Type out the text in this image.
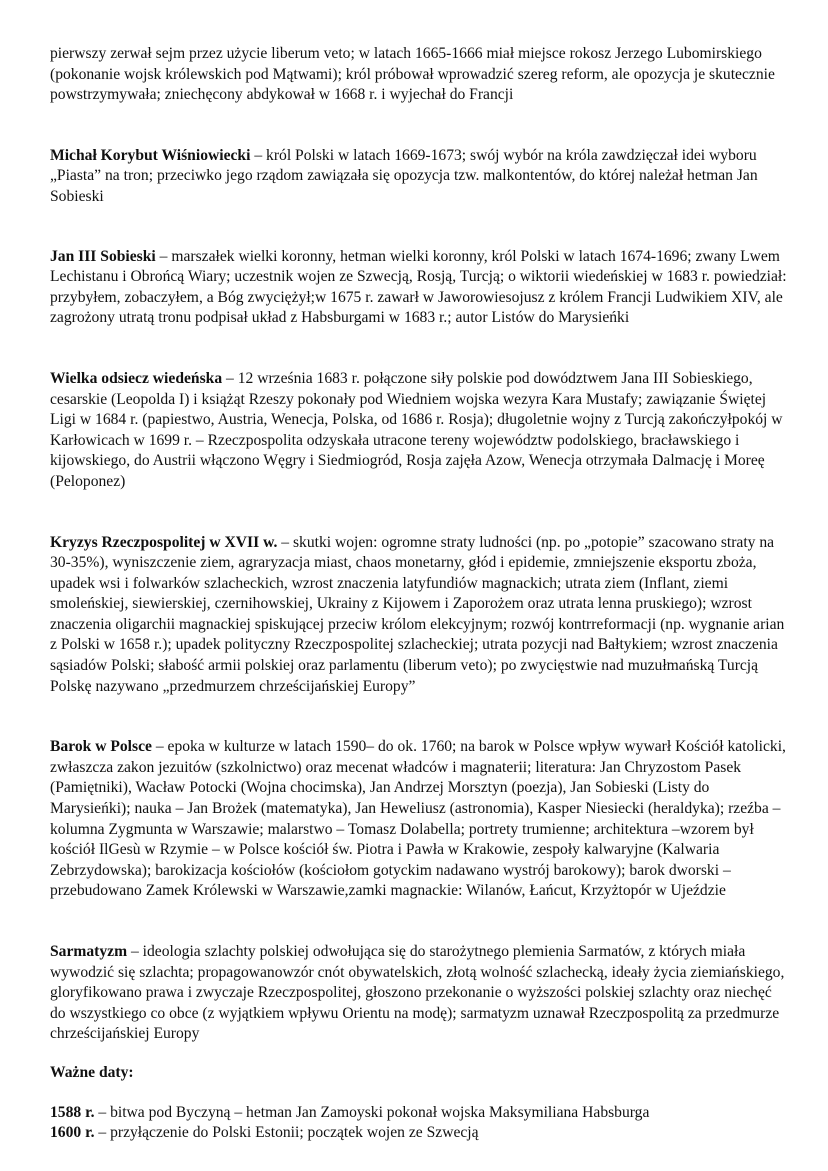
pierwszy zerwał sejm przez użycie liberum veto; w latach 1665-1666 miał miejsce rokosz Jerzego Lubomirskiego (pokonanie wojsk królewskich pod Mątwami); król próbował wprowadzić szereg reform, ale opozycja je skutecznie powstrzymywała; zniechęcony abdykował w 1668 r. i wyjechał do Francji

Michał Korybut Wiśniowiecki – król Polski w latach 1669-1673; swój wybór na króla zawdzięczał idei wyboru „Piasta” na tron; przeciwko jego rządom zawiązała się opozycja tzw. malkontentów, do której należał hetman Jan Sobieski

Jan III Sobieski – marszałek wielki koronny, hetman wielki koronny, król Polski w latach 1674-1696; zwany Lwem Lechistanu i Obrońcą Wiary; uczestnik wojen ze Szwecją, Rosją, Turcją; o wiktorii wiedeńskiej w 1683 r. powiedział: przybyłem, zobaczyłem, a Bóg zwyciężył;w 1675 r. zawarł w Jaworowiesojusz z królem Francji Ludwikiem XIV, ale zagrożony utratą tronu podpisał układ z Habsburgami w 1683 r.; autor Listów do Marysieńki

Wielka odsiecz wiedeńska – 12 września 1683 r. połączone siły polskie pod dowództwem Jana III Sobieskiego, cesarskie (Leopolda I) i książąt Rzeszy pokonały pod Wiedniem wojska wezyra Kara Mustafy; zawiązanie Świętej Ligi w 1684 r. (papiestwo, Austria, Wenecja, Polska, od 1686 r. Rosja); długoletnie wojny z Turcją zakończyłpokój w Karłowicach w 1699 r. – Rzeczpospolita odzyskała utracone tereny województw podolskiego, bracławskiego i kijowskiego, do Austrii włączono Węgry i Siedmiogród, Rosja zajęła Azow, Wenecja otrzymała Dalmację i Moreę (Peloponez)

Kryzys Rzeczpospolitej w XVII w. – skutki wojen: ogromne straty ludności (np. po „potopie” szacowano straty na 30-35%), wyniszczenie ziem, agraryzacja miast, chaos monetarny, głód i epidemie, zmniejszenie eksportu zboża, upadek wsi i folwarków szlacheckich, wzrost znaczenia latyfundiów magnackich; utrata ziem (Inflant, ziemi smoleńskiej, siewierskiej, czernihowskiej, Ukrainy z Kijowem i Zaporożem oraz utrata lenna pruskiego); wzrost znaczenia oligarchii magnackiej spiskującej przeciw królom elekcyjnym; rozwój kontrreformacji (np. wygnanie arian z Polski w 1658 r.); upadek polityczny Rzeczpospolitej szlacheckiej; utrata pozycji nad Bałtykiem; wzrost znaczenia sąsiadów Polski; słabość armii polskiej oraz parlamentu (liberum veto); po zwycięstwie nad muzułmańską Turcją Polskę nazywano „przedmurzem chrześcijańskiej Europy”

Barok w Polsce – epoka w kulturze w latach 1590– do ok. 1760; na barok w Polsce wpływ wywarł Kościół katolicki, zwłaszcza zakon jezuitów (szkolnictwo) oraz mecenat władców i magnaterii; literatura: Jan Chryzostom Pasek (Pamiętniki), Wacław Potocki (Wojna chocimska), Jan Andrzej Morsztyn (poezja), Jan Sobieski (Listy do Marysieńki); nauka – Jan Brożek (matematyka), Jan Heweliusz (astronomia), Kasper Niesiecki (heraldyka); rzeźba – kolumna Zygmunta w Warszawie; malarstwo – Tomasz Dolabella; portrety trumienne; architektura –wzorem był kościół IlGesù w Rzymie – w Polsce kościół św. Piotra i Pawła w Krakowie, zespoły kalwaryjne (Kalwaria Zebrzydowska); barokizacja kościołów (kościołom gotyckim nadawano wystrój barokowy); barok dworski –przebudowano Zamek Królewski w Warszawie,zamki magnackie: Wilanów, Łańcut, Krzyżtopór w Ujeździe

Sarmatyzm – ideologia szlachty polskiej odwołująca się do starożytnego plemienia Sarmatów, z których miała wywodzić się szlachta; propagowanowzór cnót obywatelskich, złotą wolność szlachecką, ideały życia ziemiańskiego, gloryfikowano prawa i zwyczaje Rzeczpospolitej, głoszono przekonanie o wyższości polskiej szlachty oraz niechęć do wszystkiego co obce (z wyjątkiem wpływu Orientu na modę); sarmatyzm uznawał Rzeczpospolitą za przedmurze chrześcijańskiej Europy

Ważne daty:

1588 r. – bitwa pod Byczyną – hetman Jan Zamoyski pokonał wojska Maksymiliana Habsburga

1600 r. – przyłączenie do Polski Estonii; początek wojen ze Szwecją
